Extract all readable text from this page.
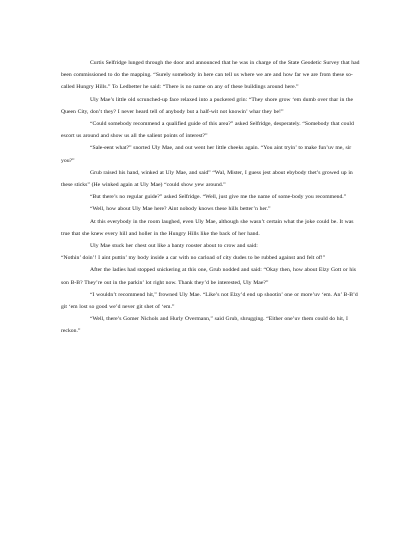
Curtis Selfridge lunged through the door and announced that he was in charge of the State Geodetic Survey that had been commissioned to do the mapping. “Surely somebody in here can tell us where we are and how far we are from these so-called Hungry Hills.” To Ledbetter he said: “There is no name on any of these buildings around here.”

Uly Mae’s little old scrunched-up face relaxed into a puckered grin: “They shore grow ‘em dumb over thar in the Queen City, don’t they? I never heard tell of anybody but a half-wit not knowin’ whar they be!”

“Could somebody recommend a qualified guide of this area?” asked Selfridge, desperately. “Somebody that could escort us around and show us all the salient points of interest?”

“Sale-eent what?” snorted Uly Mae, and out went her little cheeks again. “You aint tryin’ to make fun’uv me, sir you?”

Grub raised his hand, winked at Uly Mae, and said” “Wal, Mister, I guess jest about ebybody thet’s growed up in these sticks” (He winked again at Uly Mae) “could show yew around.”

“But there’s no regular guide?” asked Selfridge. “Well, just give me the name of some-body you recommend.”

“Well, how about Uly Mae here? Aint nobody knows these hills better’n her.”

At this everybody in the room laughed, even Uly Mae, although she wasn’t certain what the joke could be. It was true that she knew every hill and holler in the Hungry Hills like the back of her hand.

Uly Mae stuck her chest out like a banty rooster about to crow and said:

“Nothin’ doin’! I aint puttin’ my body inside a car with no carload of city dudes to be rubbed against and felt of!”

After the ladies had stopped snickering at this one, Grub nodded and said: “Okay then, how about Elzy Gott or his son B-B? They’re out in the parkin’ lot right now. Thank they’d be interested, Uly Mae?”

“I wouldn’t recommend hit,” frowned Uly Mae. “Like’s not Elzy’d end up shootin’ one or more’uv ‘em. An’ B-B’d git ‘em lost so good we’d never git shet of ‘em.”

“Well, there’s Gomer Nichols and Hurly Overmann,” said Grub, shrugging. “Either one’uv them could do hit, I reckon.”
